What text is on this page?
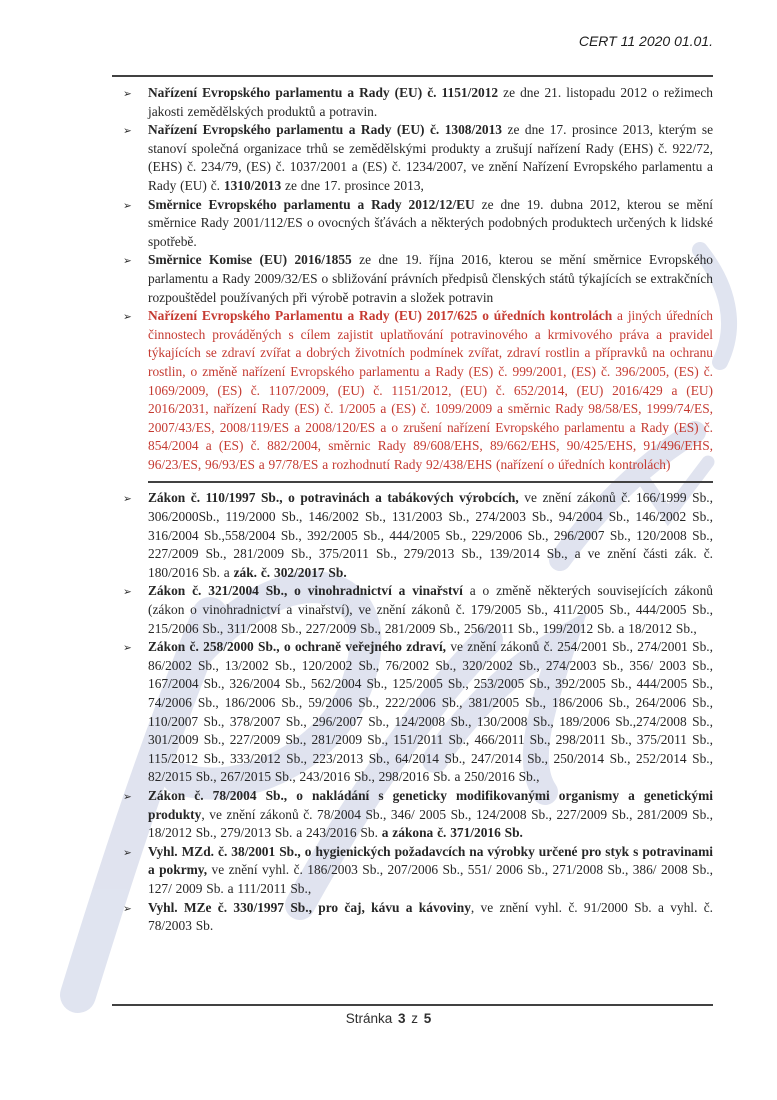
CERT 11 2020 01.01.
➢	Nařízení Evropského parlamentu a Rady (EU) č. 1151/2012 ze dne 21. listopadu 2012 o režimech jakosti zemědělských produktů a potravin.
➢	Nařízení Evropského parlamentu a Rady (EU) č. 1308/2013 ze dne 17. prosince 2013, kterým se stanoví společná organizace trhů se zemědělskými produkty a zrušují nařízení Rady (EHS) č. 922/72, (EHS) č. 234/79, (ES) č. 1037/2001 a (ES) č. 1234/2007, ve znění Nařízení Evropského parlamentu a Rady (EU) č. 1310/2013 ze dne 17. prosince 2013,
➢	Směrnice Evropského parlamentu a Rady 2012/12/EU ze dne 19. dubna 2012, kterou se mění směrnice Rady 2001/112/ES o ovocných šťávách a některých podobných produktech určených k lidské spotřebě.
➢	Směrnice Komise (EU) 2016/1855 ze dne 19. října 2016, kterou se mění směrnice Evropského parlamentu a Rady 2009/32/ES o sbližování právních předpisů členských států týkajících se extrakčních rozpouštědel používaných při výrobě potravin a složek potravin
➢	Nařízení Evropského Parlamentu a Rady (EU) 2017/625 o úředních kontrolách a jiných úředních činnostech prováděných s cílem zajistit uplatňování potravinového a krmivového práva a pravidel týkajících se zdraví zvířat a dobrých životních podmínek zvířat, zdraví rostlin a přípravků na ochranu rostlin, o změně nařízení Evropského parlamentu a Rady (ES) č. 999/2001, (ES) č. 396/2005, (ES) č. 1069/2009, (ES) č. 1107/2009, (EU) č. 1151/2012, (EU) č. 652/2014, (EU) 2016/429 a (EU) 2016/2031, nařízení Rady (ES) č. 1/2005 a (ES) č. 1099/2009 a směrnic Rady 98/58/ES, 1999/74/ES, 2007/43/ES, 2008/119/ES a 2008/120/ES a o zrušení nařízení Evropského parlamentu a Rady (ES) č. 854/2004 a (ES) č. 882/2004, směrnic Rady 89/608/EHS, 89/662/EHS, 90/425/EHS, 91/496/EHS, 96/23/ES, 96/93/ES a 97/78/ES a rozhodnutí Rady 92/438/EHS (nařízení o úředních kontrolách)
➢	Zákon č. 110/1997 Sb., o potravinách a tabákových výrobcích, ve znění zákonů č. 166/1999 Sb., 306/2000Sb., 119/2000 Sb., 146/2002 Sb., 131/2003 Sb., 274/2003 Sb., 94/2004 Sb., 146/2002 Sb., 316/2004 Sb.,558/2004 Sb., 392/2005 Sb., 444/2005 Sb., 229/2006 Sb., 296/2007 Sb., 120/2008 Sb., 227/2009 Sb., 281/2009 Sb., 375/2011 Sb., 279/2013 Sb., 139/2014 Sb., a ve znění části zák. č. 180/2016 Sb. a zák. č. 302/2017 Sb.
➢	Zákon č. 321/2004 Sb., o vinohradnictví a vinařství a o změně některých souvisejících zákonů (zákon o vinohradnictví a vinařství), ve znění zákonů č. 179/2005 Sb., 411/2005 Sb., 444/2005 Sb., 215/2006 Sb., 311/2008 Sb., 227/2009 Sb., 281/2009 Sb., 256/2011 Sb., 199/2012 Sb. a 18/2012 Sb.,
➢	Zákon č. 258/2000 Sb., o ochraně veřejného zdraví, ve znění zákonů č. 254/2001 Sb., 274/2001 Sb., 86/2002 Sb., 13/2002 Sb., 120/2002 Sb., 76/2002 Sb., 320/2002 Sb., 274/2003 Sb., 356/ 2003 Sb., 167/2004 Sb., 326/2004 Sb., 562/2004 Sb., 125/2005 Sb., 253/2005 Sb., 392/2005 Sb., 444/2005 Sb., 74/2006 Sb., 186/2006 Sb., 59/2006 Sb., 222/2006 Sb., 381/2005 Sb., 186/2006 Sb., 264/2006 Sb., 110/2007 Sb., 378/2007 Sb., 296/2007 Sb., 124/2008 Sb., 130/2008 Sb., 189/2006 Sb.,274/2008 Sb., 301/2009 Sb., 227/2009 Sb., 281/2009 Sb., 151/2011 Sb., 466/2011 Sb., 298/2011 Sb., 375/2011 Sb., 115/2012 Sb., 333/2012 Sb., 223/2013 Sb., 64/2014 Sb., 247/2014 Sb., 250/2014 Sb., 252/2014 Sb., 82/2015 Sb., 267/2015 Sb., 243/2016 Sb., 298/2016 Sb. a 250/2016 Sb.,
➢	Zákon č. 78/2004 Sb., o nakládání s geneticky modifikovanými organismy a genetickými produkty, ve znění zákonů č. 78/2004 Sb., 346/ 2005 Sb., 124/2008 Sb., 227/2009 Sb., 281/2009 Sb., 18/2012 Sb., 279/2013 Sb. a 243/2016 Sb. a zákona č. 371/2016 Sb.
➢	Vyhl. MZd. č. 38/2001 Sb., o hygienických požadavcích na výrobky určené pro styk s potravinami a pokrmy, ve znění vyhl. č. 186/2003 Sb., 207/2006 Sb., 551/ 2006 Sb., 271/2008 Sb., 386/ 2008 Sb., 127/ 2009 Sb. a 111/2011 Sb.,
➢	Vyhl. MZe č. 330/1997 Sb., pro čaj, kávu a kávoviny, ve znění vyhl. č. 91/2000 Sb. a vyhl. č. 78/2003 Sb.
Stránka 3 z 5
